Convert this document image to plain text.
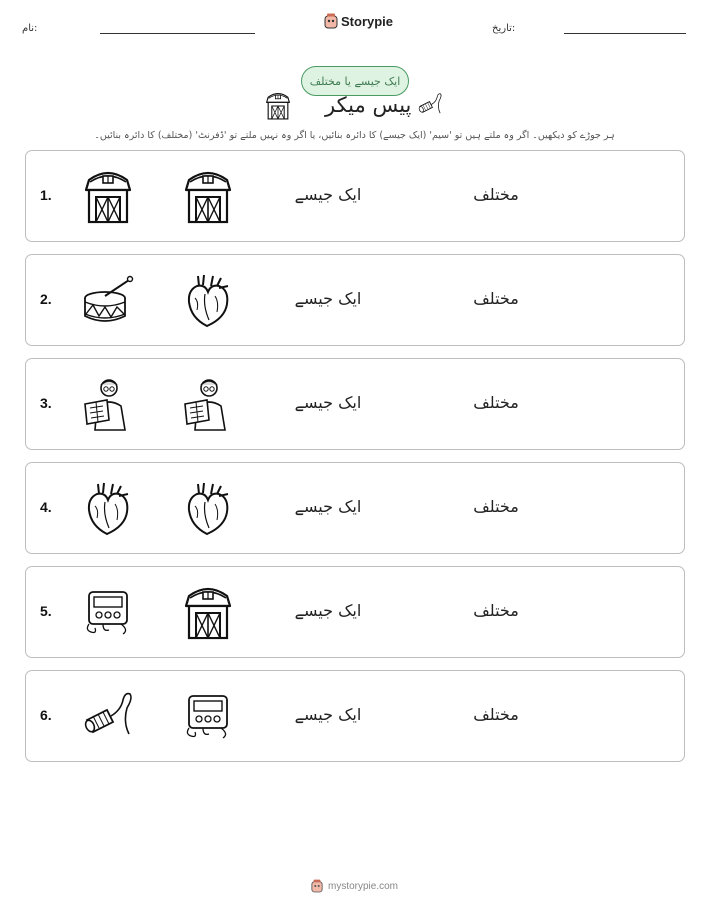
نام:	Storypie	تاریخ:
ایک جیسے یا مختلف
پیس میکر
ہر جوڑے کو دیکھیں۔ اگر وہ ملتے ہیں تو 'سیم' (ایک جیسے) کا دائرہ بنائیں، یا اگر وہ نہیں ملتے تو 'ڈفرنٹ' (مختلف) کا دائرہ بنائیں۔
1.	ایک جیسے	مختلف
2.	ایک جیسے	مختلف
3.	ایک جیسے	مختلف
4.	ایک جیسے	مختلف
5.	ایک جیسے	مختلف
6.	ایک جیسے	مختلف
mystorypie.com
